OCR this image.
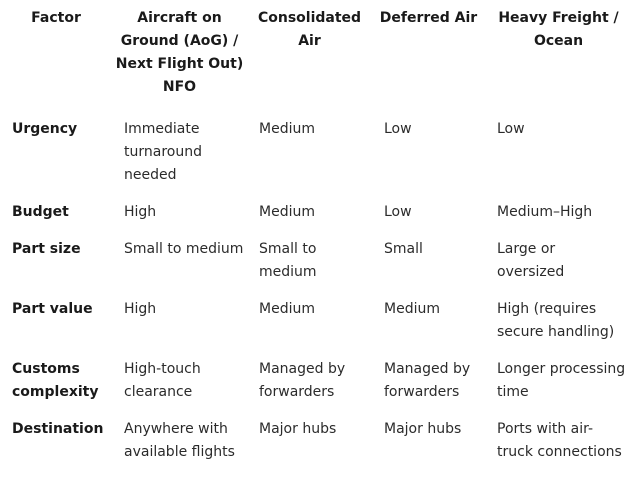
Factor	Aircraft on Ground (AoG) / Next Flight Out) NFO	Consolidated Air	Deferred Air	Heavy Freight / Ocean
Urgency	Immediate turnaround needed	Medium	Low	Low
Budget	High	Medium	Low	Medium–High
Part size	Small to medium	Small to medium	Small	Large or oversized
Part value	High	Medium	Medium	High (requires secure handling)
Customs complexity	High-touch clearance	Managed by forwarders	Managed by forwarders	Longer processing time
Destination	Anywhere with available flights	Major hubs	Major hubs	Ports with air-truck connections
